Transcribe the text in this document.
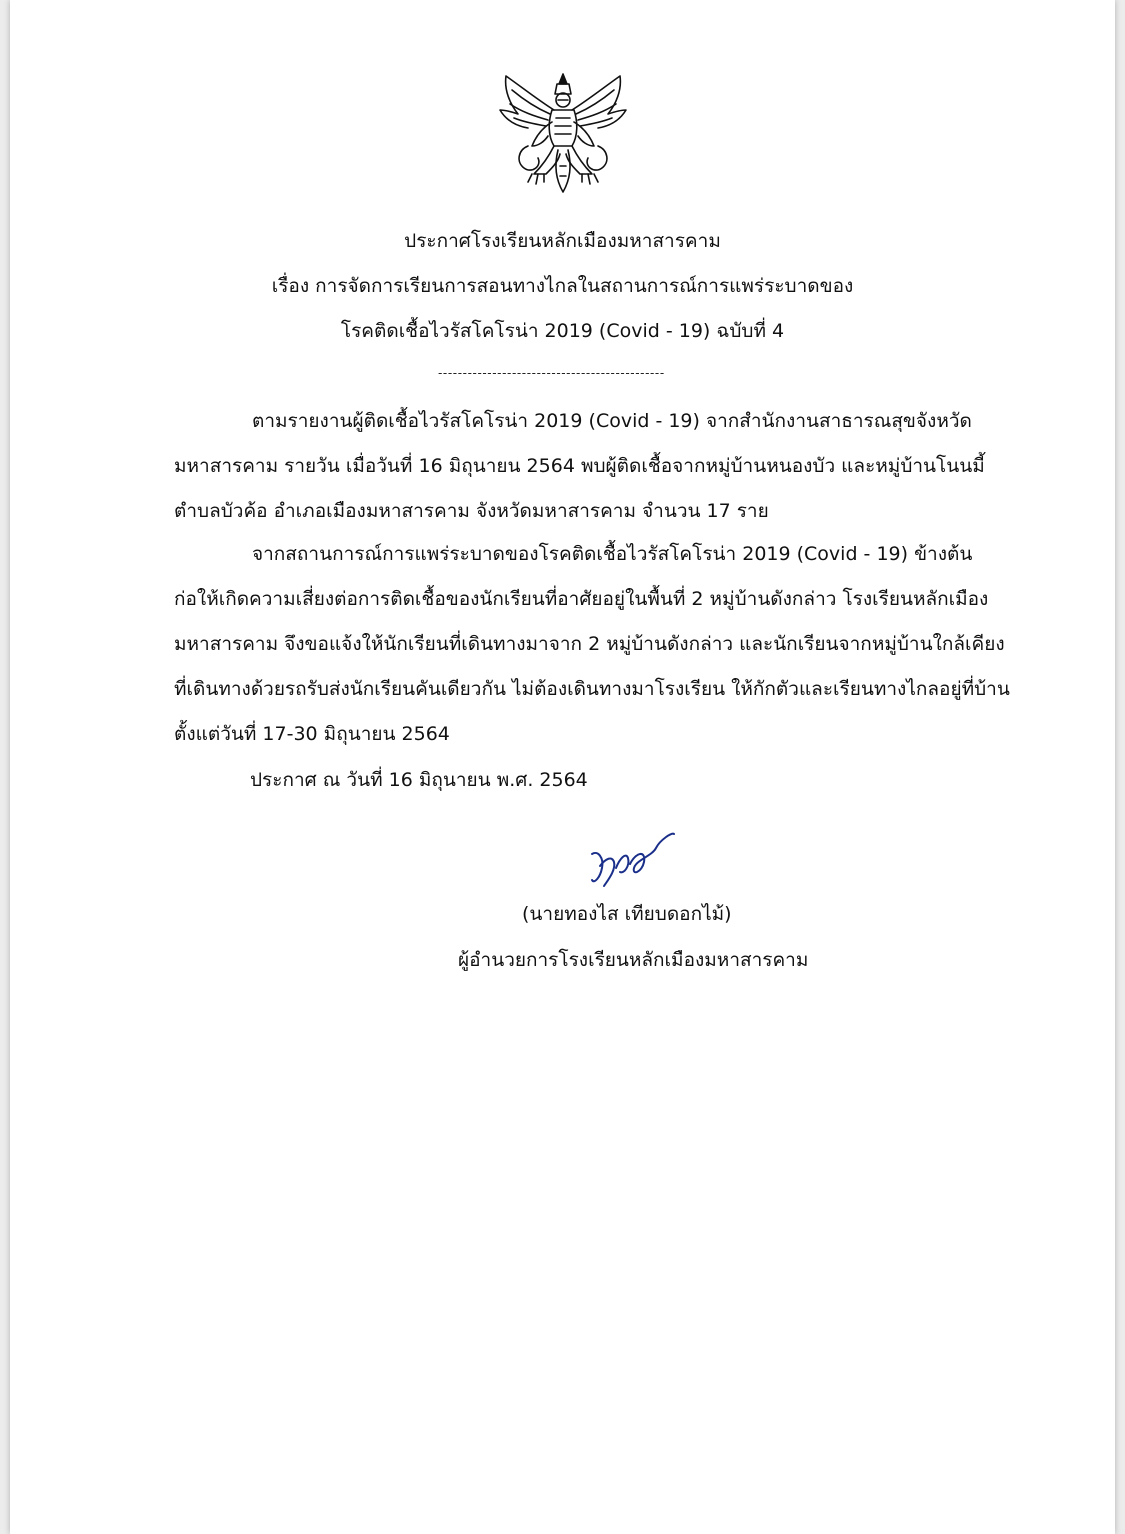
ประกาศโรงเรียนหลักเมืองมหาสารคาม
เรื่อง การจัดการเรียนการสอนทางไกลในสถานการณ์การแพร่ระบาดของ
โรคติดเชื้อไวรัสโคโรน่า 2019 (Covid - 19) ฉบับที่ 4
----------------------------------------------
ตามรายงานผู้ติดเชื้อไวรัสโคโรน่า 2019 (Covid - 19) จากสำนักงานสาธารณสุขจังหวัด
มหาสารคาม รายวัน เมื่อวันที่ 16 มิถุนายน 2564 พบผู้ติดเชื้อจากหมู่บ้านหนองบัว และหมู่บ้านโนนมี้
ตำบลบัวค้อ อำเภอเมืองมหาสารคาม จังหวัดมหาสารคาม จำนวน 17 ราย
จากสถานการณ์การแพร่ระบาดของโรคติดเชื้อไวรัสโคโรน่า 2019 (Covid - 19) ข้างต้น
ก่อให้เกิดความเสี่ยงต่อการติดเชื้อของนักเรียนที่อาศัยอยู่ในพื้นที่ 2 หมู่บ้านดังกล่าว โรงเรียนหลักเมือง
มหาสารคาม จึงขอแจ้งให้นักเรียนที่เดินทางมาจาก 2 หมู่บ้านดังกล่าว และนักเรียนจากหมู่บ้านใกล้เคียง
ที่เดินทางด้วยรถรับส่งนักเรียนคันเดียวกัน ไม่ต้องเดินทางมาโรงเรียน ให้กักตัวและเรียนทางไกลอยู่ที่บ้าน
ตั้งแต่วันที่ 17-30 มิถุนายน 2564
ประกาศ ณ วันที่ 16 มิถุนายน พ.ศ. 2564
(นายทองไส เทียบดอกไม้)
ผู้อำนวยการโรงเรียนหลักเมืองมหาสารคาม
